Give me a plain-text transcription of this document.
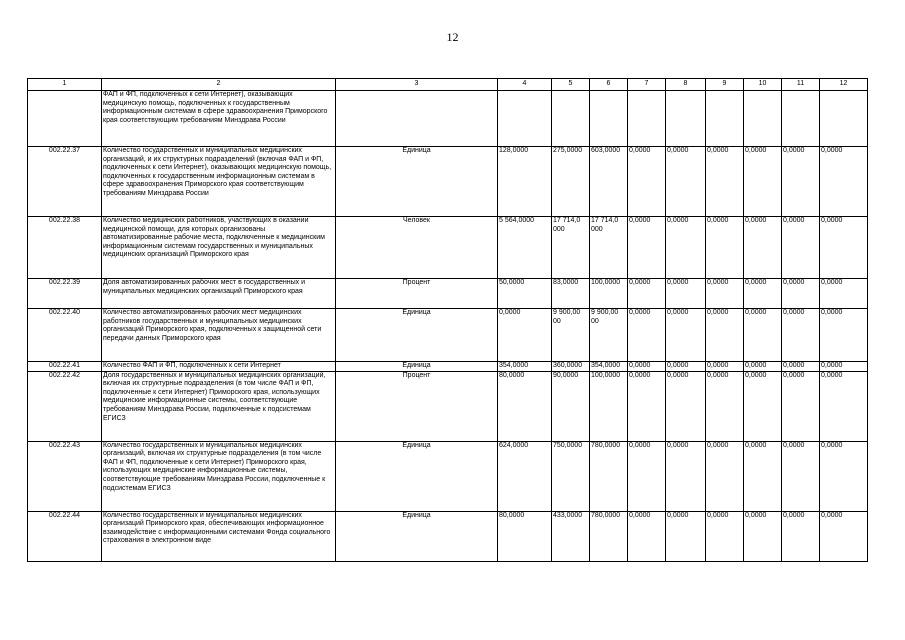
12
1	2	3	4	5	6	7	8	9	10	11	12
	ФАП и ФП, подключенных к сети Интернет), оказывающих медицинскую помощь, подключенных к государственным информационным системам в сфере здравоохранения Приморского края соответствующим требованиям Минздрава России										
002.22.37	Количество государственных и муниципальных медицинских организаций, и их структурных подразделений (включая ФАП и ФП, подключенных к сети Интернет), оказывающих медицинскую помощь, подключенных к государственным информационным системам в сфере здравоохранения Приморского края соответствующим требованиям Минздрава России	Единица	128,0000	275,0000	603,0000	0,0000	0,0000	0,0000	0,0000	0,0000	0,0000
002.22.38	Количество медицинских работников, участвующих в оказании медицинской помощи, для которых организованы автоматизированные рабочие места, подключенные к медицинским информационным системам государственных и муниципальных медицинских организаций Приморского края	Человек	5 564,0000	17 714,0 000	17 714,0 000	0,0000	0,0000	0,0000	0,0000	0,0000	0,0000
002.22.39	Доля автоматизированных рабочих мест в государственных и муниципальных медицинских организаций Приморского края	Процент	50,0000	83,0000	100,0000	0,0000	0,0000	0,0000	0,0000	0,0000	0,0000
002.22.40	Количество автоматизированных рабочих мест медицинских работников государственных и муниципальных медицинских организаций Приморского края, подключенных к защищенной сети передачи данных Приморского края	Единица	0,0000	9 900,00 00	9 900,00 00	0,0000	0,0000	0,0000	0,0000	0,0000	0,0000
002.22.41	Количество ФАП и ФП, подключенных к сети Интернет	Единица	354,0000	360,0000	354,0000	0,0000	0,0000	0,0000	0,0000	0,0000	0,0000
002.22.42	Доля государственных и муниципальных медицинских организаций, включая их структурные подразделения (в том числе ФАП и ФП, подключенные к сети Интернет) Приморского края, использующих медицинские информационные системы, соответствующие требованиям Минздрава России, подключенные к подсистемам ЕГИСЗ	Процент	80,0000	90,0000	100,0000	0,0000	0,0000	0,0000	0,0000	0,0000	0,0000
002.22.43	Количество государственных и муниципальных медицинских организаций, включая их структурные подразделения (в том числе ФАП и ФП, подключенные к сети Интернет) Приморского края, использующих медицинские информационные системы, соответствующие требованиям Минздрава России, подключенные к подсистемам ЕГИСЗ	Единица	624,0000	750,0000	780,0000	0,0000	0,0000	0,0000	0,0000	0,0000	0,0000
002.22.44	Количество государственных и муниципальных медицинских организаций Приморского края, обеспечивающих информационное взаимодействие с информационными системами Фонда социального страхования в электронном виде	Единица	80,0000	433,0000	780,0000	0,0000	0,0000	0,0000	0,0000	0,0000	0,0000
